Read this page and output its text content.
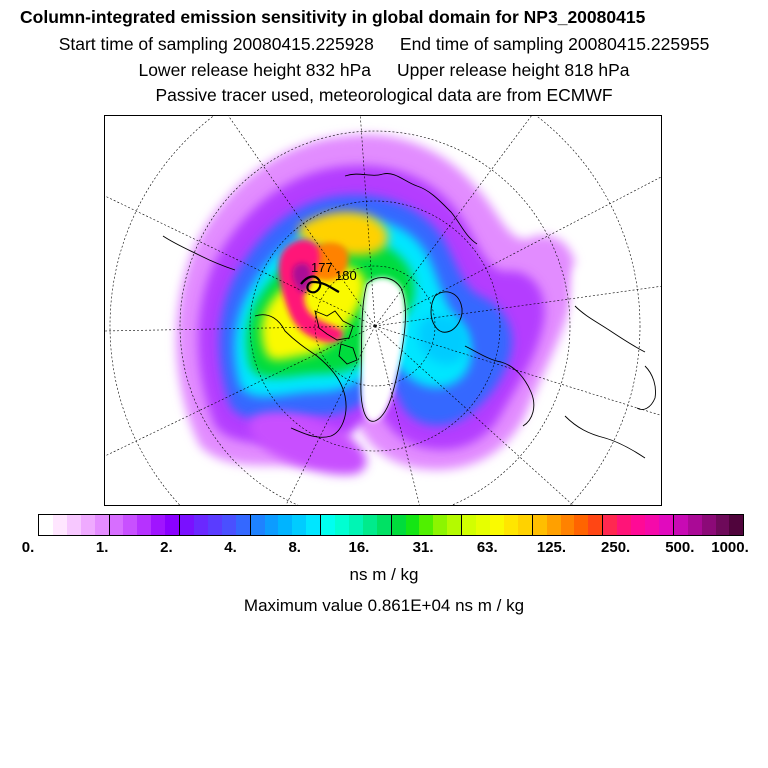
Column-integrated emission sensitivity in global domain for NP3_20080415
Start time of sampling 20080415.225928 End time of sampling 20080415.225955
Lower release height 832 hPa Upper release height 818 hPa
Passive tracer used, meteorological data are from ECMWF
177
180
0.	1.	2.	4.	8.	16.	31.	63.	125. 250. 500. 1000.
ns m / kg
Maximum value 0.861E+04 ns m / kg
